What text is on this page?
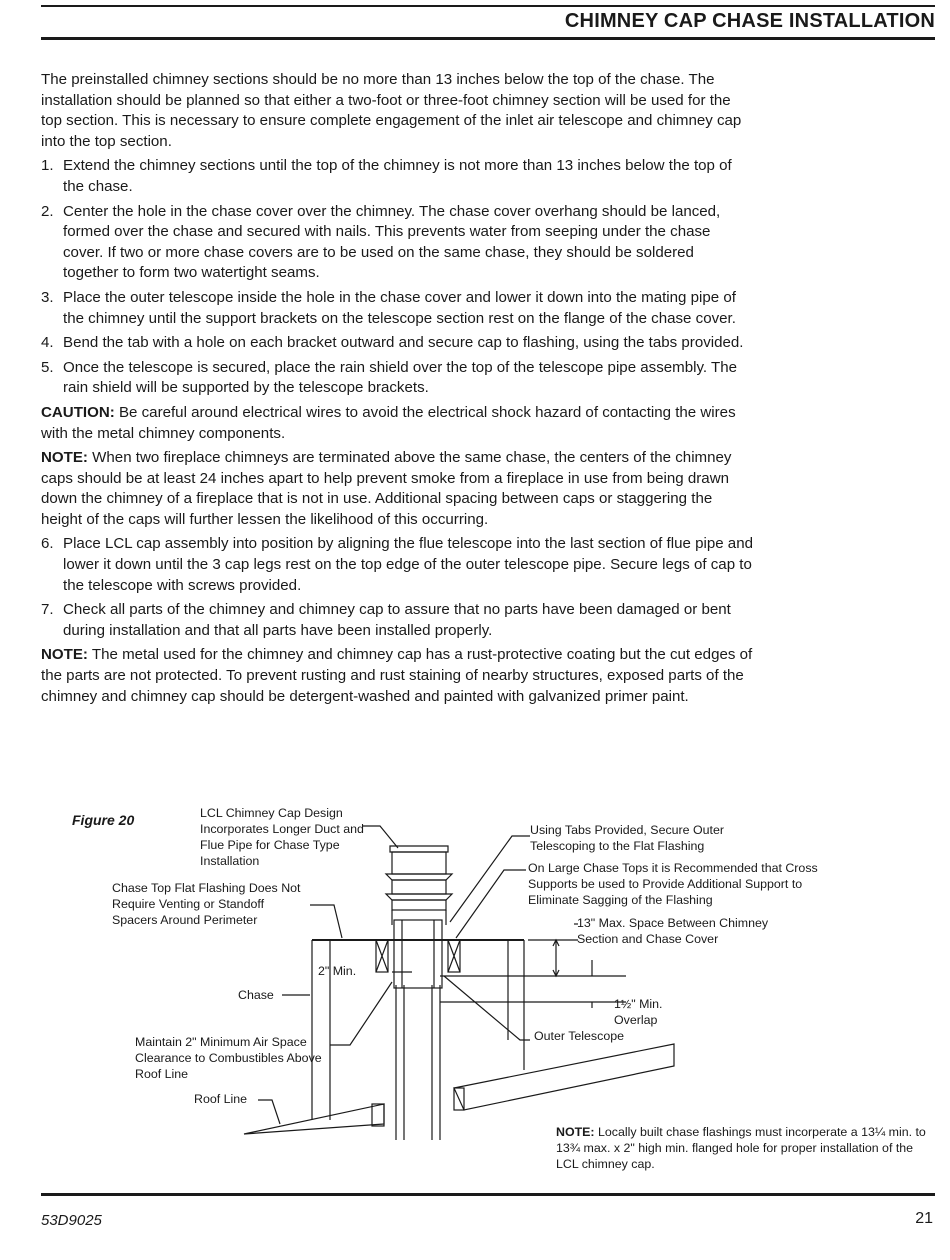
CHIMNEY CAP CHASE INSTALLATION

The preinstalled chimney sections should be no more than 13 inches below the top of the chase. The installation should be planned so that either a two-foot or three-foot chimney section will be used for the top section. This is necessary to ensure complete engagement of the inlet air telescope and chimney cap into the top section.

1. Extend the chimney sections until the top of the chimney is not more than 13 inches below the top of the chase.
2. Center the hole in the chase cover over the chimney. The chase cover overhang should be lanced, formed over the chase and secured with nails. This prevents water from seeping under the chase cover. If two or more chase covers are to be used on the same chase, they should be soldered together to form two watertight seams.
3. Place the outer telescope inside the hole in the chase cover and lower it down into the mating pipe of the chimney until the support brackets on the telescope section rest on the flange of the chase cover.
4. Bend the tab with a hole on each bracket outward and secure cap to flashing, using the tabs provided.
5. Once the telescope is secured, place the rain shield over the top of the telescope pipe assembly. The rain shield will be supported by the telescope brackets.

CAUTION: Be careful around electrical wires to avoid the electrical shock hazard of contacting the wires with the metal chimney components.

NOTE: When two fireplace chimneys are terminated above the same chase, the centers of the chimney caps should be at least 24 inches apart to help prevent smoke from a fireplace in use from being drawn down the chimney of a fireplace that is not in use. Additional spacing between caps or staggering the height of the caps will further lessen the likelihood of this occurring.

6. Place LCL cap assembly into position by aligning the flue telescope into the last section of flue pipe and lower it down until the 3 cap legs rest on the top edge of the outer telescope pipe. Secure legs of cap to the telescope with screws provided.
7. Check all parts of the chimney and chimney cap to assure that no parts have been damaged or bent during installation and that all parts have been installed properly.

NOTE: The metal used for the chimney and chimney cap has a rust-protective coating but the cut edges of the parts are not protected. To prevent rusting and rust staining of nearby structures, exposed parts of the chimney and chimney cap should be detergent-washed and painted with galvanized primer paint.

Figure 20	LCL Chimney Cap Design Incorporates Longer Duct and Flue Pipe for Chase Type Installation
Chase Top Flat Flashing Does Not Require Venting or Standoff Spacers Around Perimeter
Using Tabs Provided, Secure Outer Telescoping to the Flat Flashing
On Large Chase Tops it is Recommended that Cross Supports be used to Provide Additional Support to Eliminate Sagging of the Flashing
13" Max. Space Between Chimney Section and Chase Cover
2" Min.
Chase
1½" Min. Overlap
Maintain 2" Minimum Air Space Clearance to Combustibles Above Roof Line
Outer Telescope
Roof Line
NOTE: Locally built chase flashings must incorperate a 13¼ min. to 13¾ max. x 2" high min. flanged hole for proper installation of the LCL chimney cap.
53D9025	21
